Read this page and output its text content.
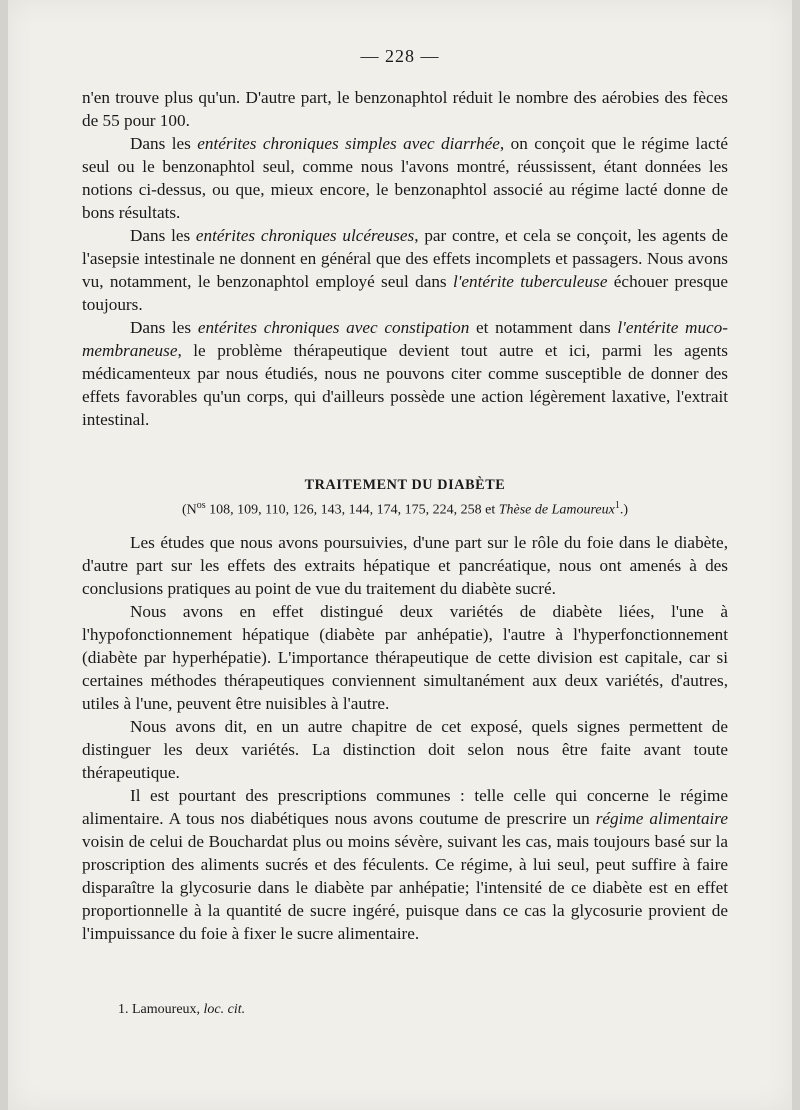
— 228 —

n'en trouve plus qu'un. D'autre part, le benzonaphtol réduit le nombre des aérobies des fèces de 55 pour 100.

Dans les entérites chroniques simples avec diarrhée, on conçoit que le régime lacté seul ou le benzonaphtol seul, comme nous l'avons montré, réussissent, étant données les notions ci-dessus, ou que, mieux encore, le benzonaphtol associé au régime lacté donne de bons résultats.

Dans les entérites chroniques ulcéreuses, par contre, et cela se conçoit, les agents de l'asepsie intestinale ne donnent en général que des effets incomplets et passagers. Nous avons vu, notamment, le benzonaphtol employé seul dans l'entérite tuberculeuse échouer presque toujours.

Dans les entérites chroniques avec constipation et notamment dans l'entérite muco-membraneuse, le problème thérapeutique devient tout autre et ici, parmi les agents médicamenteux par nous étudiés, nous ne pouvons citer comme susceptible de donner des effets favorables qu'un corps, qui d'ailleurs possède une action légèrement laxative, l'extrait intestinal.

TRAITEMENT DU DIABÈTE
($N^{os}$ 108, 109, 110, 126, 143, 144, 174, 175, 224, 258 et Thèse de Lamoureux$^1$.)

Les études que nous avons poursuivies, d'une part sur le rôle du foie dans le diabète, d'autre part sur les effets des extraits hépatique et pancréatique, nous ont amenés à des conclusions pratiques au point de vue du traitement du diabète sucré.

Nous avons en effet distingué deux variétés de diabète liées, l'une à l'hypofonctionnement hépatique (diabète par anhépatie), l'autre à l'hyperfonctionnement (diabète par hyperhépatie). L'importance thérapeutique de cette division est capitale, car si certaines méthodes thérapeutiques conviennent simultanément aux deux variétés, d'autres, utiles à l'une, peuvent être nuisibles à l'autre.

Nous avons dit, en un autre chapitre de cet exposé, quels signes permettent de distinguer les deux variétés. La distinction doit selon nous être faite avant toute thérapeutique.

Il est pourtant des prescriptions communes : telle celle qui concerne le régime alimentaire. A tous nos diabétiques nous avons coutume de prescrire un régime alimentaire voisin de celui de Bouchardat plus ou moins sévère, suivant les cas, mais toujours basé sur la proscription des aliments sucrés et des féculents. Ce régime, à lui seul, peut suffire à faire disparaître la glycosurie dans le diabète par anhépatie; l'intensité de ce diabète est en effet proportionnelle à la quantité de sucre ingéré, puisque dans ce cas la glycosurie provient de l'impuissance du foie à fixer le sucre alimentaire.

1. Lamoureux, loc. cit.
